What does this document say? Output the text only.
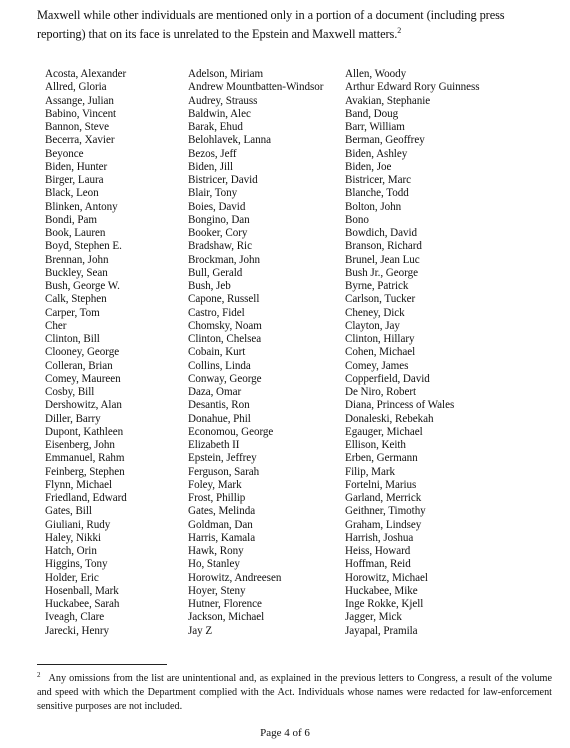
Maxwell while other individuals are mentioned only in a portion of a document (including press reporting) that on its face is unrelated to the Epstein and Maxwell matters.$^2$

Acosta, Alexander
Allred, Gloria
Assange, Julian
Babino, Vincent
Bannon, Steve
Becerra, Xavier
Beyonce
Biden, Hunter
Birger, Laura
Black, Leon
Blinken, Antony
Bondi, Pam
Book, Lauren
Boyd, Stephen E.
Brennan, John
Buckley, Sean
Bush, George W.
Calk, Stephen
Carper, Tom
Cher
Clinton, Bill
Clooney, George
Colleran, Brian
Comey, Maureen
Cosby, Bill
Dershowitz, Alan
Diller, Barry
Dupont, Kathleen
Eisenberg, John
Emmanuel, Rahm
Feinberg, Stephen
Flynn, Michael
Friedland, Edward
Gates, Bill
Giuliani, Rudy
Haley, Nikki
Hatch, Orin
Higgins, Tony
Holder, Eric
Hosenball, Mark
Huckabee, Sarah
Iveagh, Clare
Jarecki, Henry
Adelson, Miriam
Andrew Mountbatten-Windsor
Audrey, Strauss
Baldwin, Alec
Barak, Ehud
Belohlavek, Lanna
Bezos, Jeff
Biden, Jill
Bistricer, David
Blair, Tony
Boies, David
Bongino, Dan
Booker, Cory
Bradshaw, Ric
Brockman, John
Bull, Gerald
Bush, Jeb
Capone, Russell
Castro, Fidel
Chomsky, Noam
Clinton, Chelsea
Cobain, Kurt
Collins, Linda
Conway, George
Daza, Omar
Desantis, Ron
Donahue, Phil
Economou, George
Elizabeth II
Epstein, Jeffrey
Ferguson, Sarah
Foley, Mark
Frost, Phillip
Gates, Melinda
Goldman, Dan
Harris, Kamala
Hawk, Rony
Ho, Stanley
Horowitz, Andreesen
Hoyer, Steny
Hutner, Florence
Jackson, Michael
Jay Z
Allen, Woody
Arthur Edward Rory Guinness
Avakian, Stephanie
Band, Doug
Barr, William
Berman, Geoffrey
Biden, Ashley
Biden, Joe
Bistricer, Marc
Blanche, Todd
Bolton, John
Bono
Bowdich, David
Branson, Richard
Brunel, Jean Luc
Bush Jr., George
Byrne, Patrick
Carlson, Tucker
Cheney, Dick
Clayton, Jay
Clinton, Hillary
Cohen, Michael
Comey, James
Copperfield, David
De Niro, Robert
Diana, Princess of Wales
Donaleski, Rebekah
Egauger, Michael
Ellison, Keith
Erben, Germann
Filip, Mark
Fortelni, Marius
Garland, Merrick
Geithner, Timothy
Graham, Lindsey
Harrish, Joshua
Heiss, Howard
Hoffman, Reid
Horowitz, Michael
Huckabee, Mike
Inge Rokke, Kjell
Jagger, Mick
Jayapal, Pramila

$^2$ Any omissions from the list are unintentional and, as explained in the previous letters to Congress, a result of the volume and speed with which the Department complied with the Act. Individuals whose names were redacted for law-enforcement sensitive purposes are not included.

Page 4 of 6
